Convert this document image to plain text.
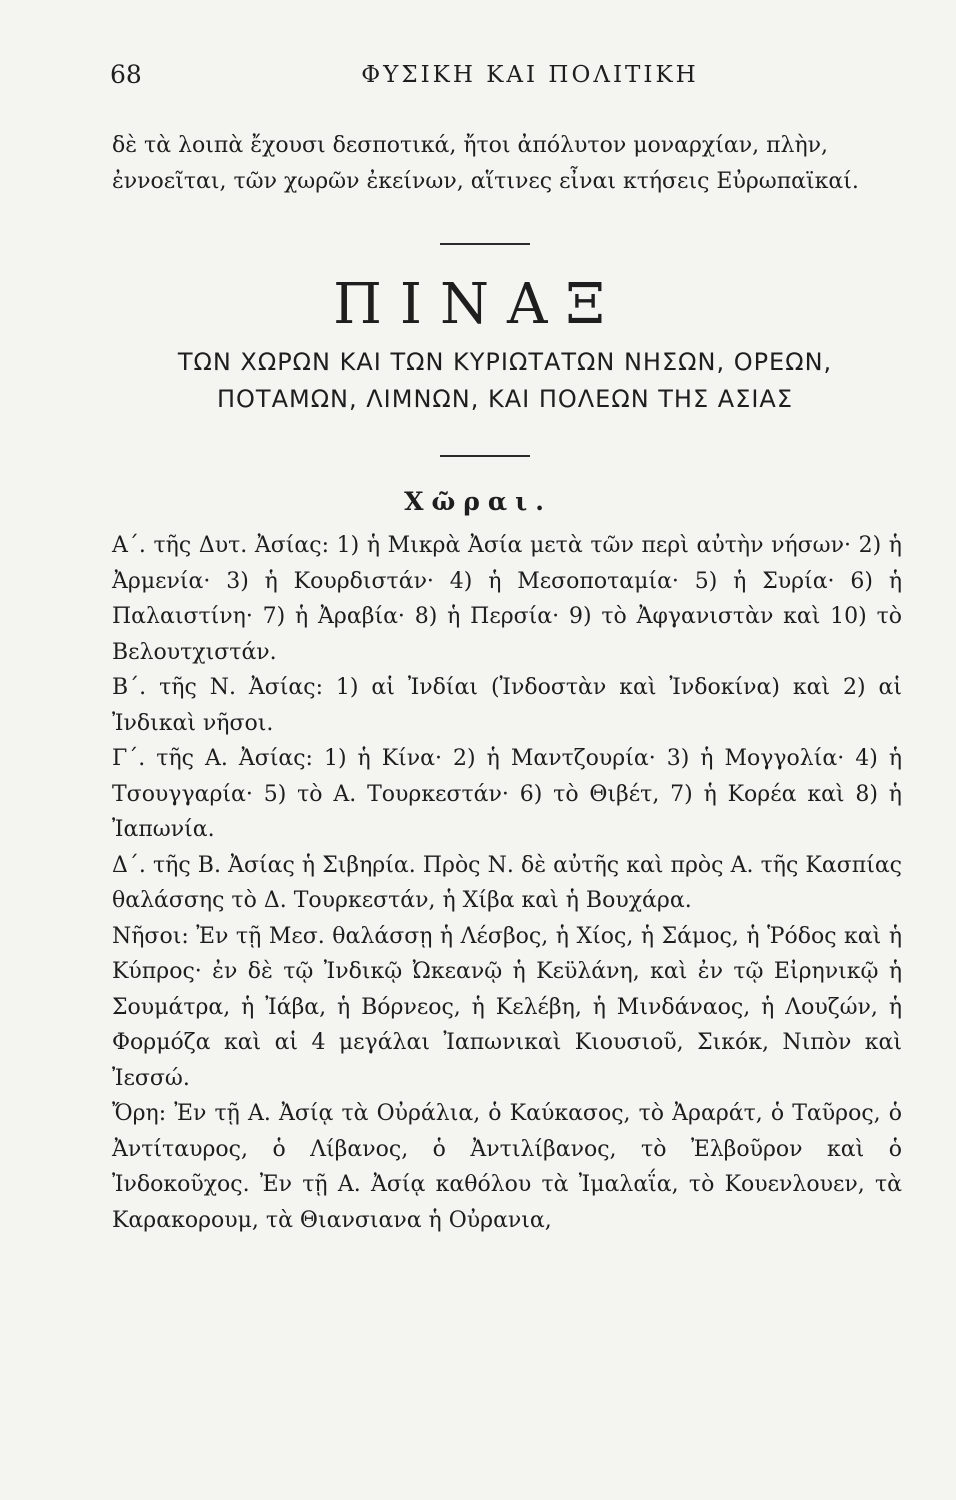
68	ΦΥΣΙΚΗ ΚΑΙ ΠΟΛΙΤΙΚΗ
δὲ τὰ λοιπὰ ἔχουσι δεσποτικά, ἤτοι ἀπόλυτον μοναρχίαν, πλὴν,
ἐννοεῖται, τῶν χωρῶν ἐκείνων, αἵτινες εἶναι κτήσεις Εὐρωπαϊκαί.
ΠΙΝΑΞ
ΤΩΝ ΧΩΡΩΝ ΚΑΙ ΤΩΝ ΚΥΡΙΩΤΑΤΩΝ ΝΗΣΩΝ, ΟΡΕΩΝ,
ΠΟΤΑΜΩΝ, ΛΙΜΝΩΝ, ΚΑΙ ΠΟΛΕΩΝ ΤΗΣ ΑΣΙΑΣ
Χῶραι.

Α΄. τῆς Δυτ. Ἀσίας: 1) ἡ Μικρὰ Ἀσία μετὰ τῶν περὶ αὐτὴν νήσων· 2) ἡ Ἀρμενία· 3) ἡ Κουρδιστάν· 4) ἡ Μεσοποταμία· 5) ἡ Συρία· 6) ἡ Παλαιστίνη· 7) ἡ Ἀραβία· 8) ἡ Περσία· 9) τὸ Ἀφγανιστὰν καὶ 10) τὸ Βελουτχιστάν.

Β΄. τῆς Ν. Ἀσίας: 1) αἱ Ἰνδίαι (Ἰνδοστὰν καὶ Ἰνδοκίνα) καὶ 2) αἱ Ἰνδικαὶ νῆσοι.

Γ΄. τῆς Α. Ἀσίας: 1) ἡ Κίνα· 2) ἡ Μαντζουρία· 3) ἡ Μογγολία· 4) ἡ Τσουγγαρία· 5) τὸ Α. Τουρκεστάν· 6) τὸ Θιβέτ, 7) ἡ Κορέα καὶ 8) ἡ Ἰαπωνία.

Δ΄. τῆς Β. Ἀσίας ἡ Σιβηρία. Πρὸς Ν. δὲ αὐτῆς καὶ πρὸς Α. τῆς Κασπίας θαλάσσης τὸ Δ. Τουρκεστάν, ἡ Χίβα καὶ ἡ Βουχάρα.

Νῆσοι: Ἐν τῇ Μεσ. θαλάσσῃ ἡ Λέσβος, ἡ Χίος, ἡ Σάμος, ἡ Ῥόδος καὶ ἡ Κύπρος· ἐν δὲ τῷ Ἰνδικῷ Ὠκεανῷ ἡ Κεϋλάνη, καὶ ἐν τῷ Εἰρηνικῷ ἡ Σουμάτρα, ἡ Ἰάβα, ἡ Βόρνεος, ἡ Κελέβη, ἡ Μινδάναος, ἡ Λουζών, ἡ Φορμόζα καὶ αἱ 4 μεγάλαι Ἰαπωνικαὶ Κιουσιοῦ, Σικόκ, Νιπὸν καὶ Ἰεσσώ.

Ὄρη: Ἐν τῇ Α. Ἀσίᾳ τὰ Οὐράλια, ὁ Καύκασος, τὸ Ἀραράτ, ὁ Ταῦρος, ὁ Ἀντίταυρος, ὁ Λίβανος, ὁ Ἀντιλίβανος, τὸ Ἐλβοῦρον καὶ ὁ Ἰνδοκοῦχος. Ἐν τῇ Α. Ἀσίᾳ καθόλου τὰ Ἰμαλαΐα, τὸ Κουενλουεν, τὰ Καρακορουμ, τὰ Θιανσιανα ἡ Οὐρανια,
